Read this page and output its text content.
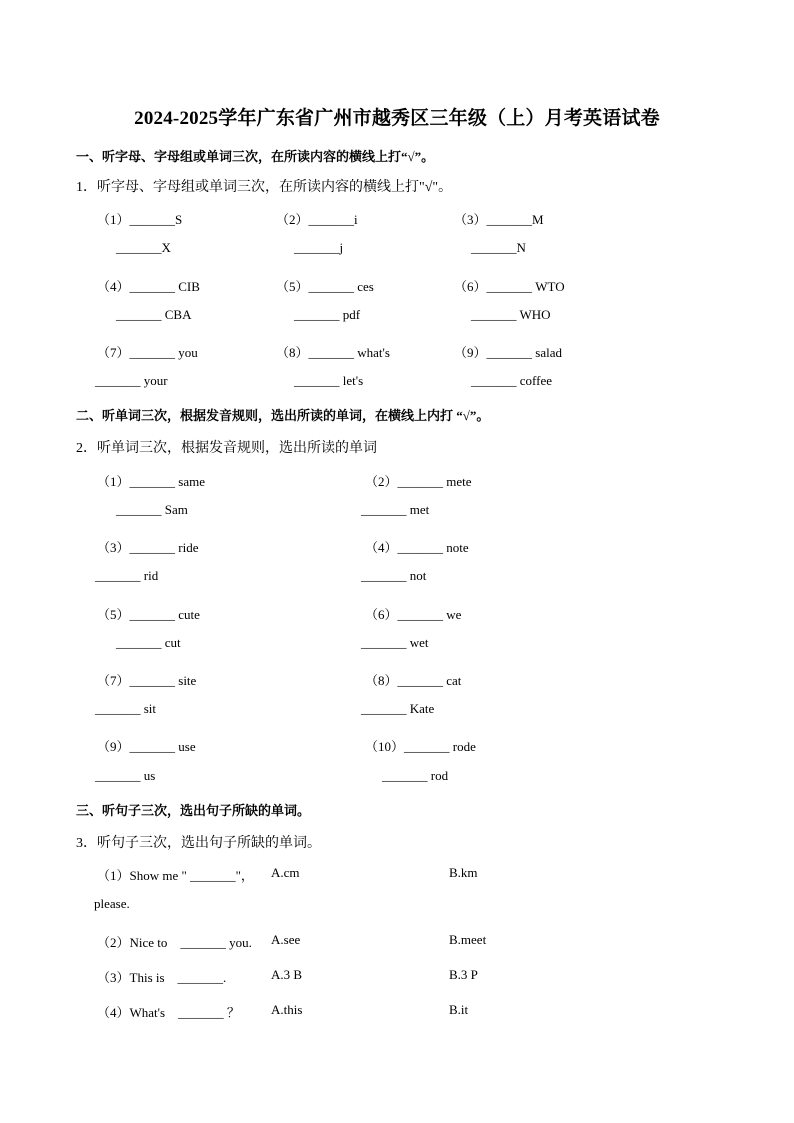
2024-2025学年广东省广州市越秀区三年级（上）月考英语试卷
一、听字母、字母组或单词三次，在所读内容的横线上打“√”。
1．听字母、字母组或单词三次，在所读内容的横线上打"√"。
（1）_______S	（2）_______i	（3）_______M
_______X	_______j	_______N
（4）_______ CIB	（5）_______ ces	（6）_______ WTO
_______ CBA	_______ pdf	_______ WHO
（7）_______ you	（8）_______ what's	（9）_______ salad
_______ your	_______ let's	_______ coffee
二、听单词三次，根据发音规则，选出所读的单词，在横线上内打 “√”。
2．听单词三次，根据发音规则，选出所读的单词
（1）_______ same	（2）_______ mete
_______ Sam	_______ met
（3）_______ ride	（4）_______ note
_______ rid	_______ not
（5）_______ cute	（6）_______ we
_______ cut	_______ wet
（7）_______ site	（8）_______ cat
_______ sit	_______ Kate
（9）_______ use	（10）_______ rode
_______ us	_______ rod
三、听句子三次，选出句子所缺的单词。
3．听句子三次，选出句子所缺的单词。
（1）Show me " _______"， A.cm	B.km
please.
（2）Nice to    _______ you. A.see	B.meet
（3）This is    _______.	A.3 B	B.3 P
（4）What's    _______ ？ A.this	B.it
